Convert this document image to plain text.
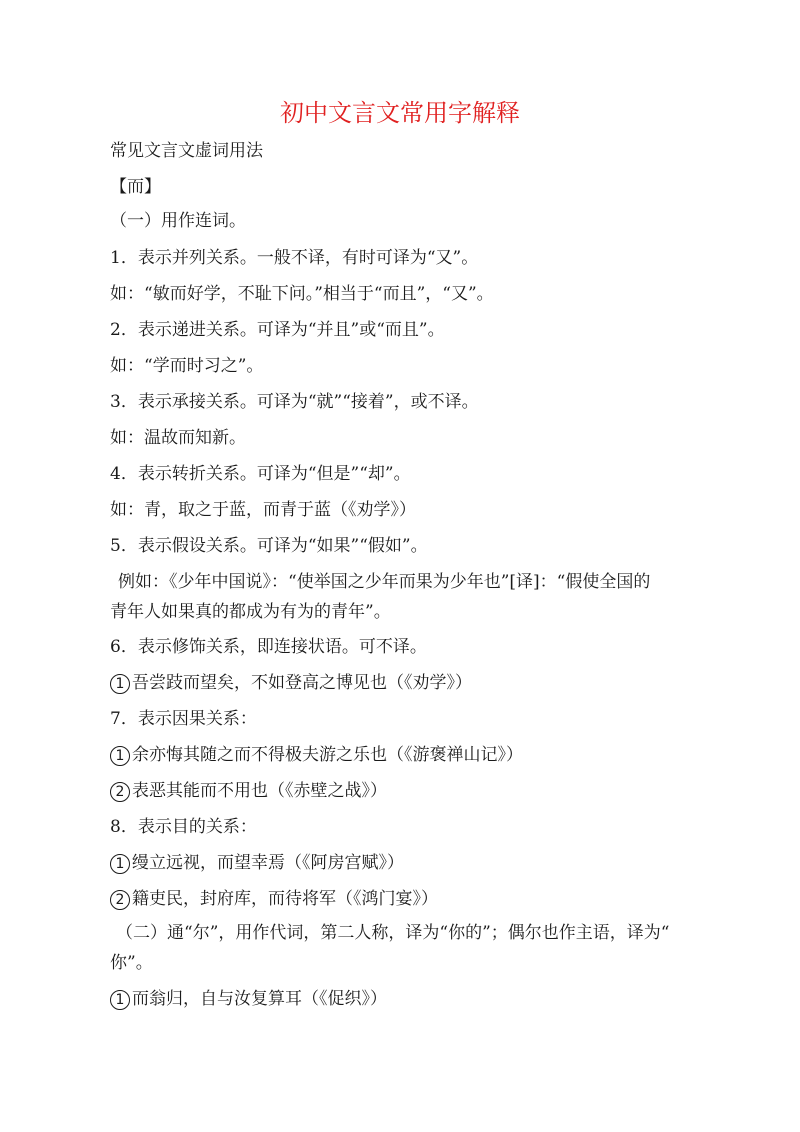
初中文言文常用字解释
常见文言文虚词用法
【而】
（一）用作连词。
1．表示并列关系。一般不译，有时可译为“又”。
如：“敏而好学，不耻下问。”相当于“而且”，“又”。
2．表示递进关系。可译为“并且”或“而且”。
如：“学而时习之”。
3．表示承接关系。可译为“就”“接着”，或不译。
如：温故而知新。
4．表示转折关系。可译为“但是”“却”。
如：青，取之于蓝，而青于蓝（《劝学》）
5．表示假设关系。可译为“如果”“假如”。
例如：《少年中国说》：“使举国之少年而果为少年也”[译]：“假使全国的
青年人如果真的都成为有为的青年”。
6．表示修饰关系，即连接状语。可不译。
1 吾尝跂而望矣，不如登高之博见也（《劝学》）
7．表示因果关系：
1 余亦悔其随之而不得极夫游之乐也（《游褒禅山记》）
2 表恶其能而不用也（《赤壁之战》）
8．表示目的关系：
1 缦立远视，而望幸焉（《阿房宫赋》）
2 籍吏民，封府库，而待将军（《鸿门宴》）
（二）通“尔”，用作代词，第二人称，译为“你的”；偶尔也作主语，译为“
你”。
1 而翁归，自与汝复算耳（《促织》）
